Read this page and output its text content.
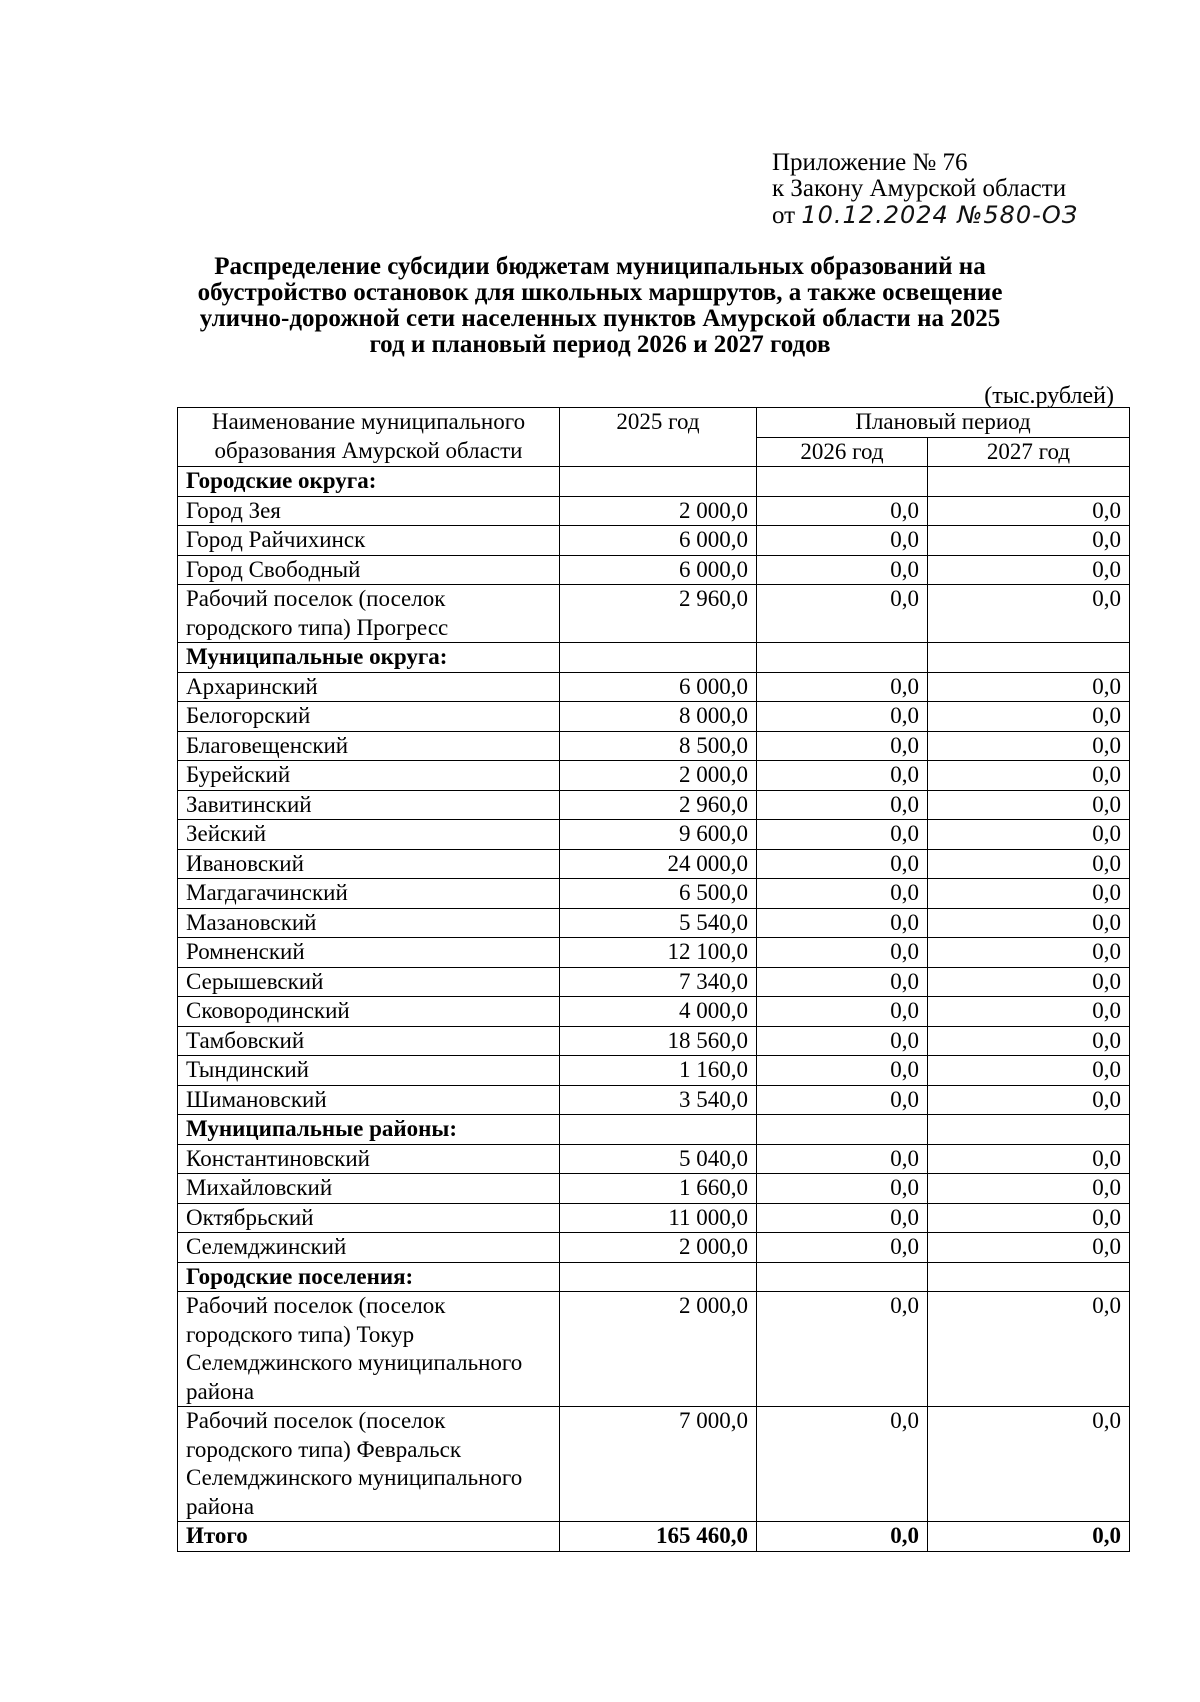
Приложение № 76
к Закону Амурской области
от 10.12.2024 №580-ОЗ
Распределение субсидии бюджетам муниципальных образований на
обустройство остановок для школьных маршрутов, а также освещение
улично-дорожной сети населенных пунктов Амурской области на 2025
год и плановый период 2026 и 2027 годов
(тыс.рублей)
Наименование муниципального образования Амурской области	2025 год	Плановый период	
		2026 год	2027 год
Городские округа:			
Город Зея	2 000,0	0,0	0,0
Город Райчихинск	6 000,0	0,0	0,0
Город Свободный	6 000,0	0,0	0,0
Рабочий поселок (поселок городского типа) Прогресс	2 960,0	0,0	0,0
Муниципальные округа:			
Архаринский	6 000,0	0,0	0,0
Белогорский	8 000,0	0,0	0,0
Благовещенский	8 500,0	0,0	0,0
Бурейский	2 000,0	0,0	0,0
Завитинский	2 960,0	0,0	0,0
Зейский	9 600,0	0,0	0,0
Ивановский	24 000,0	0,0	0,0
Магдагачинский	6 500,0	0,0	0,0
Мазановский	5 540,0	0,0	0,0
Ромненский	12 100,0	0,0	0,0
Серышевский	7 340,0	0,0	0,0
Сковородинский	4 000,0	0,0	0,0
Тамбовский	18 560,0	0,0	0,0
Тындинский	1 160,0	0,0	0,0
Шимановский	3 540,0	0,0	0,0
Муниципальные районы:			
Константиновский	5 040,0	0,0	0,0
Михайловский	1 660,0	0,0	0,0
Октябрьский	11 000,0	0,0	0,0
Селемджинский	2 000,0	0,0	0,0
Городские поселения:			
Рабочий поселок (поселок городского типа) Токур Селемджинского муниципального района	2 000,0	0,0	0,0
Рабочий поселок (поселок городского типа) Февральск Селемджинского муниципального района	7 000,0	0,0	0,0
Итого	165 460,0	0,0	0,0
